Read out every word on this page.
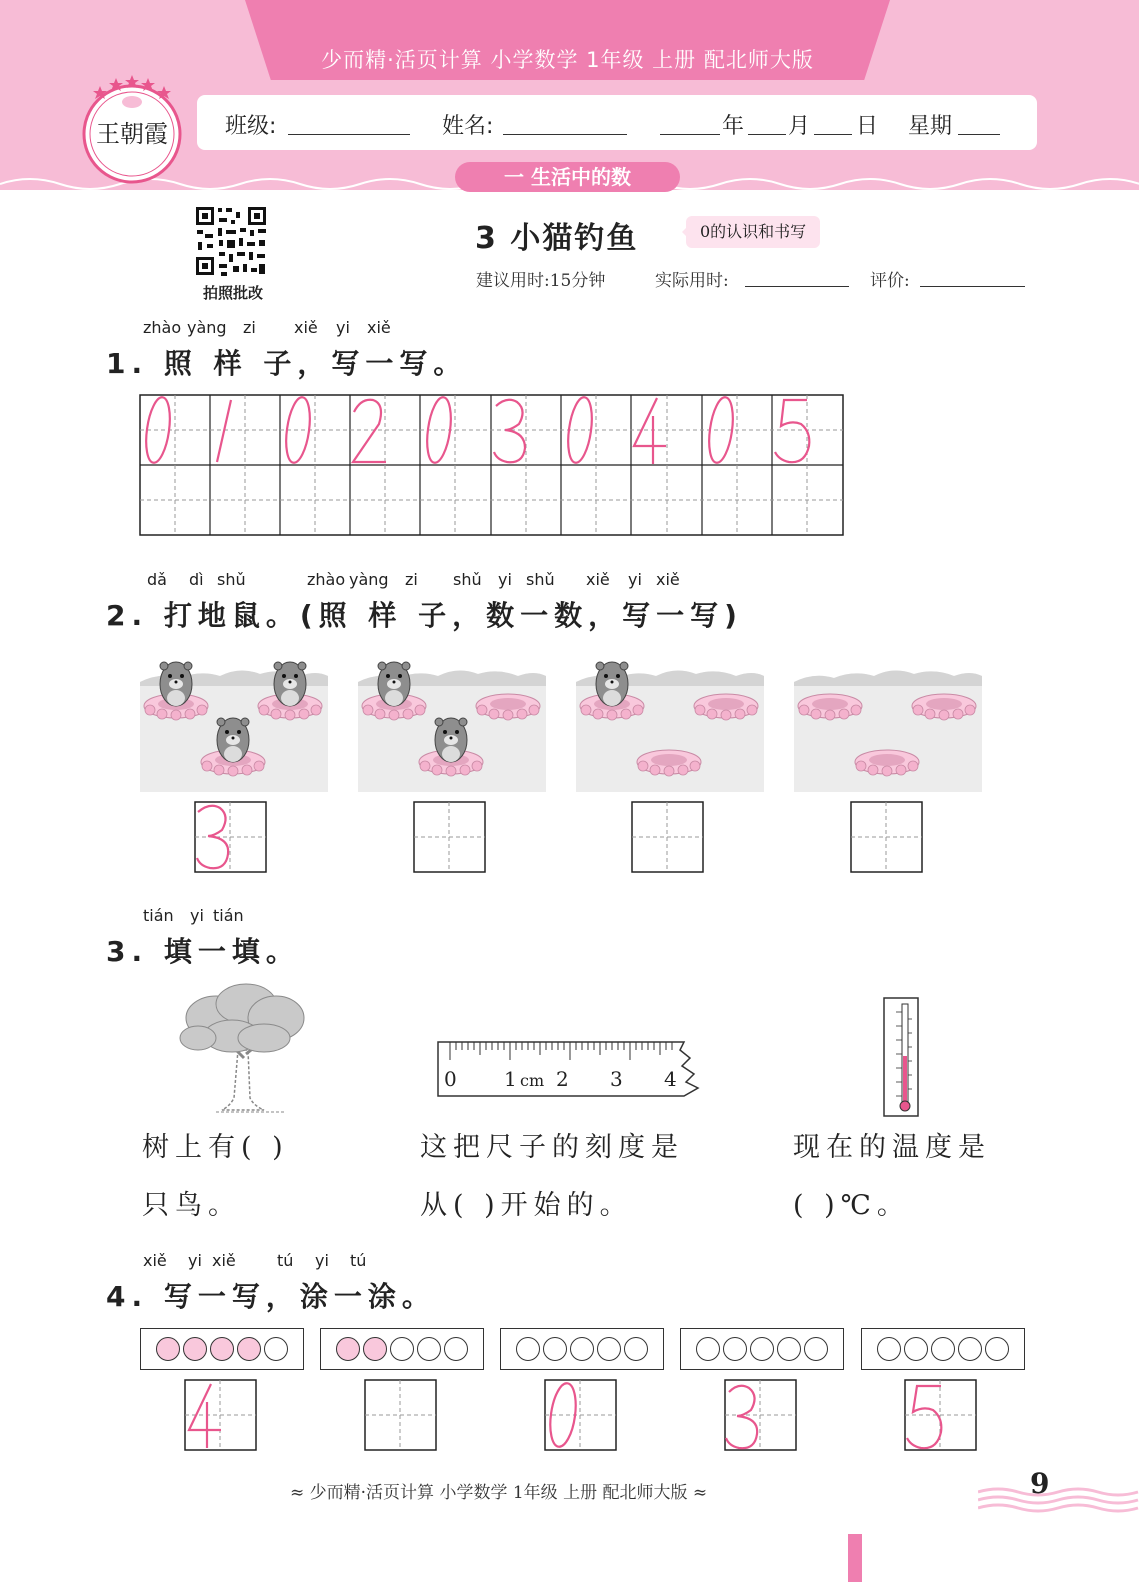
少而精·活页计算 小学数学 1年级 上册 配北师大版
班级:	姓名:	年 月 日 星期
一 生活中的数
王朝霞
拍照批改
3 小猫钓鱼	0的认识和书写
建议用时:15分钟	实际用时:	评价:
zhào yàng zi xiě yi xiě
1. 照 样 子，写一写。
dǎ dì shǔ	zhào yàng zi shǔ yi shǔ xiě yi xiě
2. 打地鼠。(照 样 子，数一数，写一写)
tián yi tián
3. 填一填。
0 1 cm 2 3 4
树上有( )
只鸟。
这把尺子的刻度是
从( )开始的。
现在的温度是
( )℃。
xiě yi xiě	tú yi tú
4. 写一写，涂一涂。
≈ 少而精·活页计算 小学数学 1年级 上册 配北师大版 ≈	9
